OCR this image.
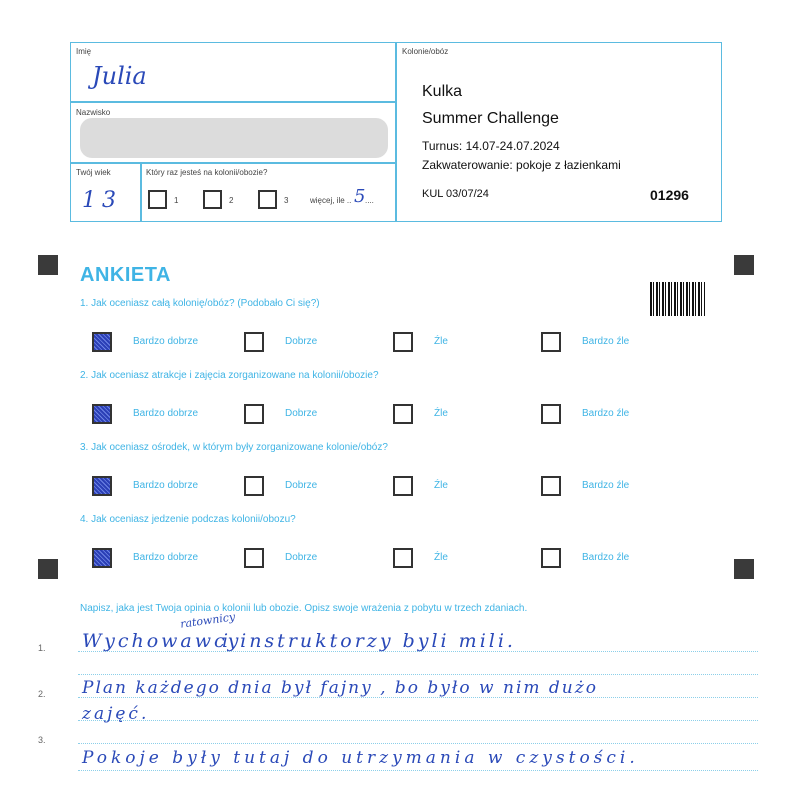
Imię
Julia
Nazwisko
Twój wiek
13
Który raz jesteś na kolonii/obozie?
1	2	3	więcej, ile .. 5 ....
Kolonie/obóz
Kulka
Summer Challenge
Turnus: 14.07-24.07.2024
Zakwaterowanie: pokoje z łazienkami
KUL 03/07/24	01296
ANKIETA
1. Jak oceniasz całą kolonię/obóz? (Podobało Ci się?)
Bardzo dobrze	Dobrze	Źle	Bardzo źle
2. Jak oceniasz atrakcje i zajęcia zorganizowane na kolonii/obozie?
Bardzo dobrze	Dobrze	Źle	Bardzo źle
3. Jak oceniasz ośrodek, w którym były zorganizowane kolonie/obóz?
Bardzo dobrze	Dobrze	Źle	Bardzo źle
4. Jak oceniasz jedzenie podczas kolonii/obozu?
Bardzo dobrze	Dobrze	Źle	Bardzo źle
Napisz, jaka jest Twoja opinia o kolonii lub obozie. Opisz swoje wrażenia z pobytu w trzech zdaniach.
1.
2.
3.
ratownicy
Wychowawcy
i instruktorzy byli mili.
Plan każdego dnia był fajny , bo było w nim dużo
zajęć.
Pokoje były tutaj do utrzymania w czystości.
